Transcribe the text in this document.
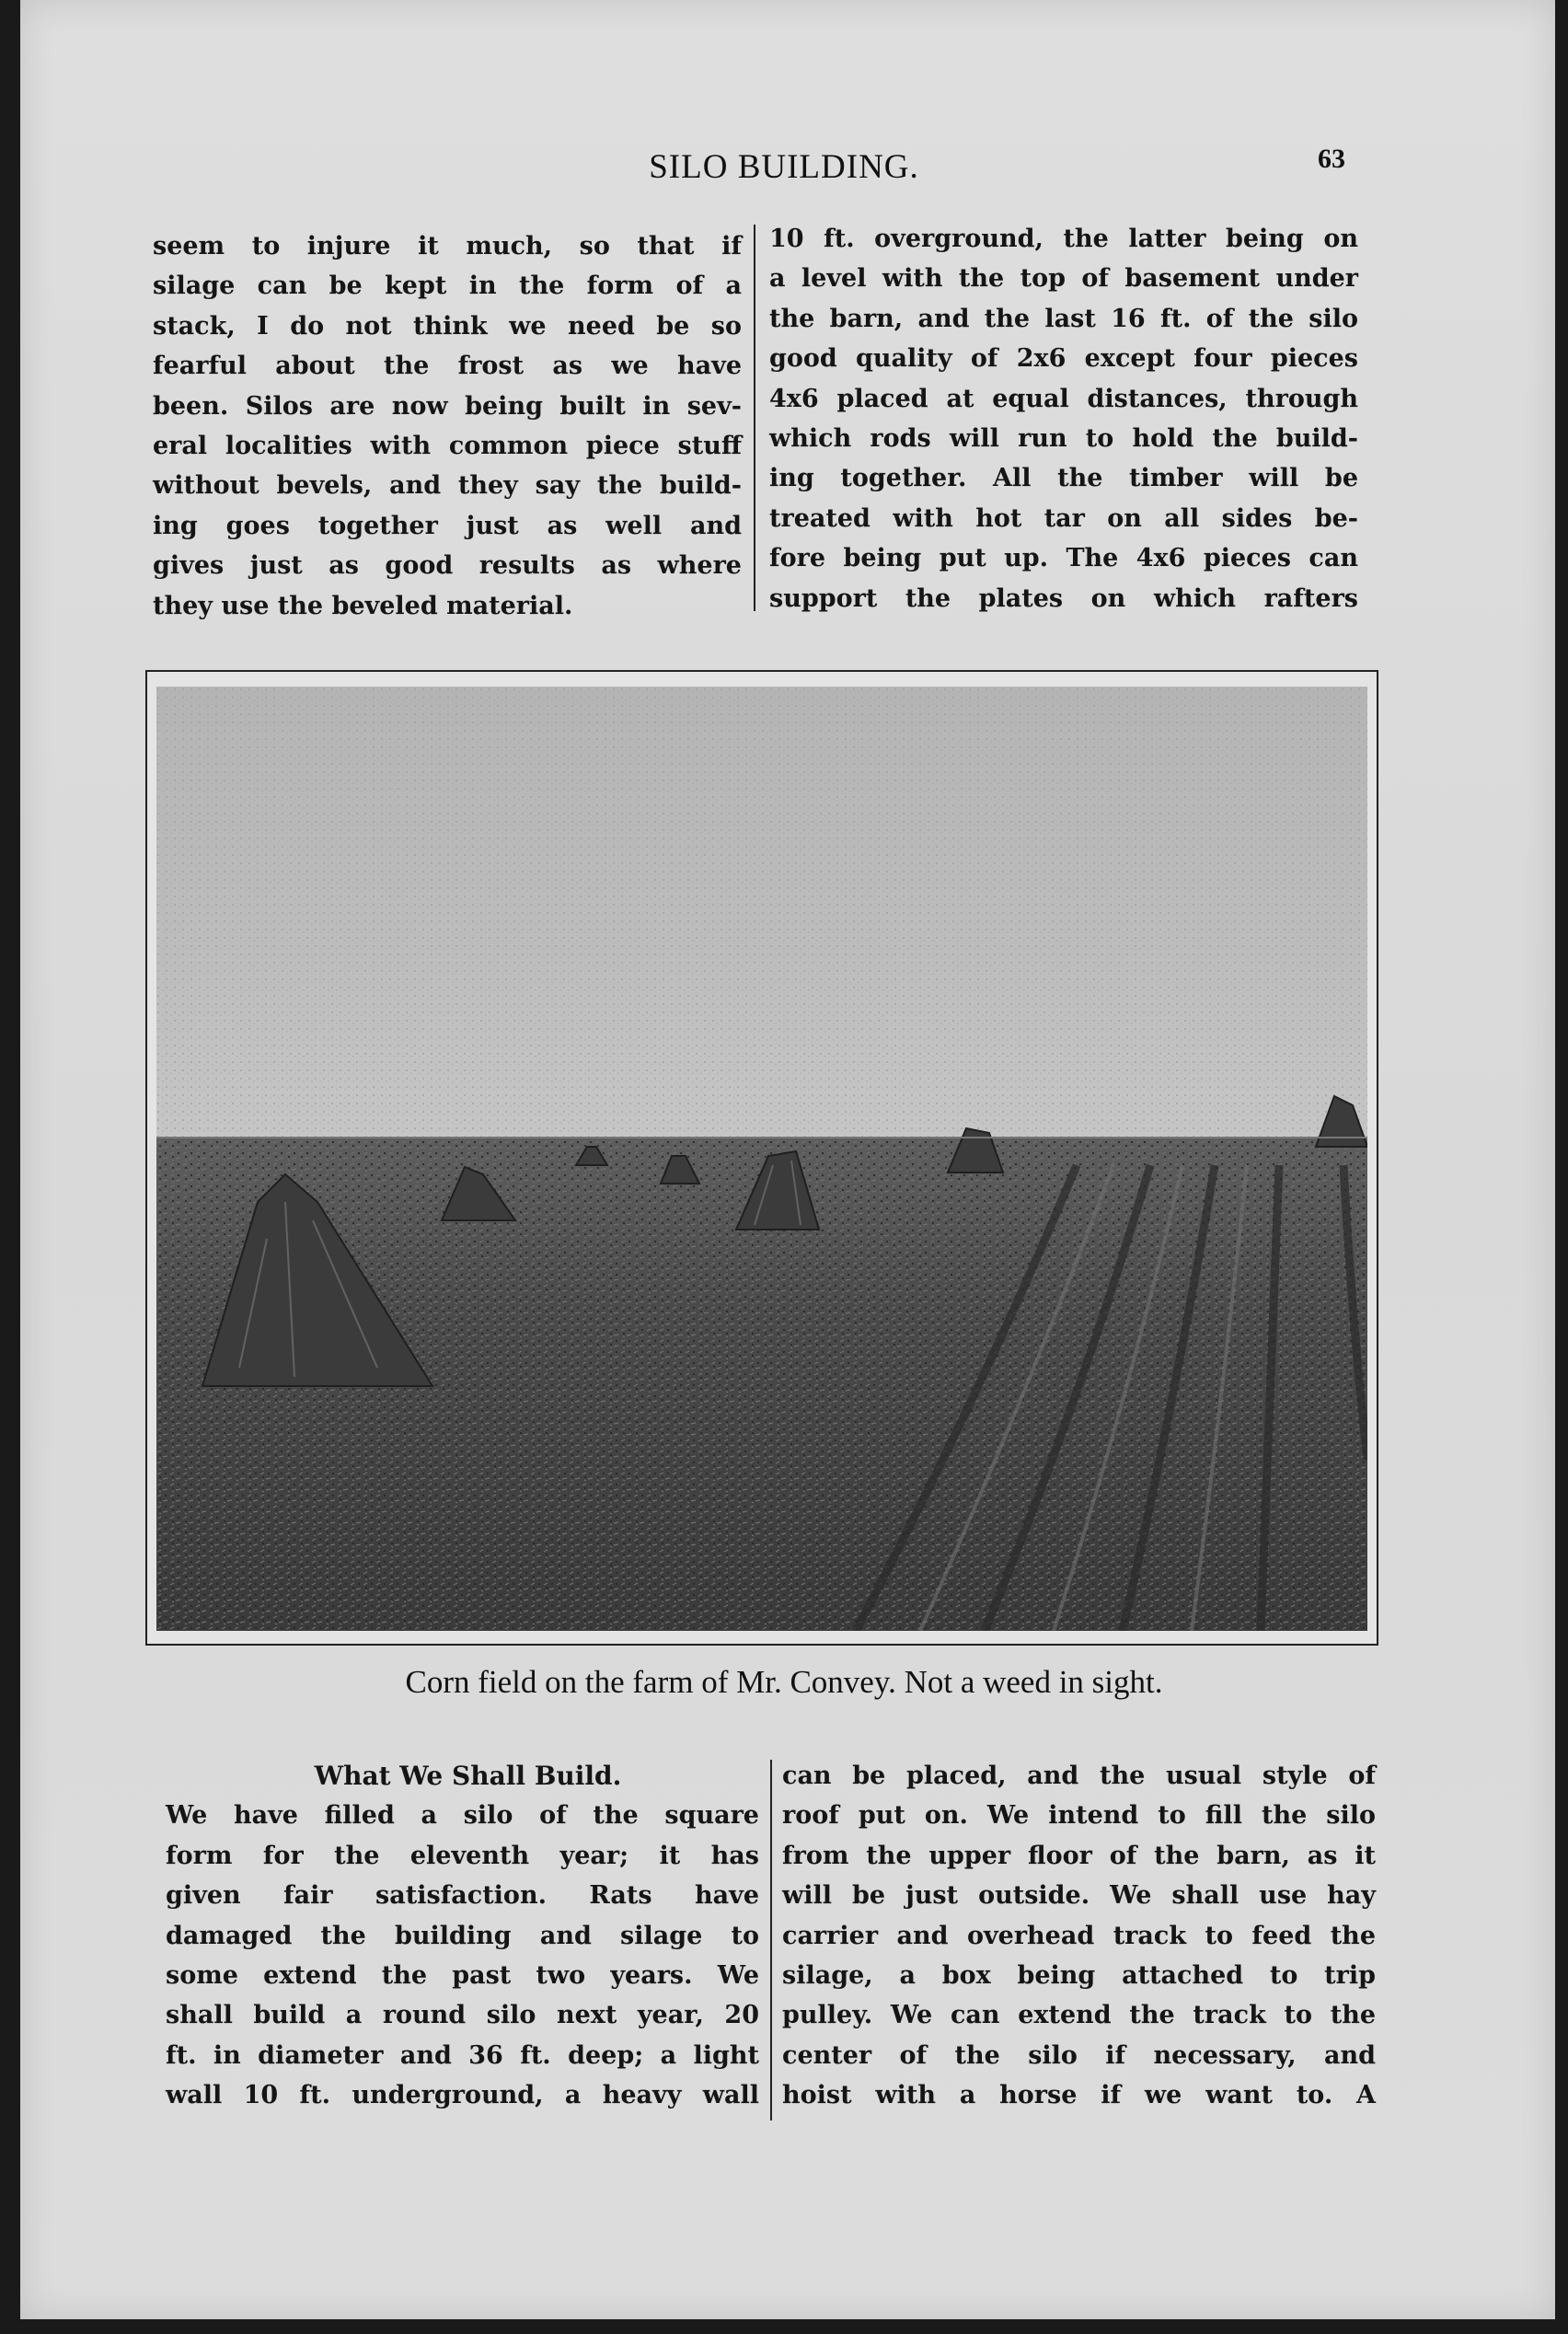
SILO BUILDING.	63

seem to injure it much, so that if

silage can be kept in the form of a

stack, I do not think we need be so

fearful about the frost as we have

been. Silos are now being built in sev-

eral localities with common piece stuff

without bevels, and they say the build-

ing goes together just as well and

gives just as good results as where

they use the beveled material.

10 ft. overground, the latter being on

a level with the top of basement under

the barn, and the last 16 ft. of the silo

good quality of 2x6 except four pieces

4x6 placed at equal distances, through

which rods will run to hold the build-

ing together. All the timber will be

treated with hot tar on all sides be-

fore being put up. The 4x6 pieces can

support the plates on which rafters

Corn field on the farm of Mr. Convey. Not a weed in sight.

What We Shall Build.

We have filled a silo of the square

form for the eleventh year; it has

given fair satisfaction. Rats have

damaged the building and silage to

some extend the past two years. We

shall build a round silo next year, 20

ft. in diameter and 36 ft. deep; a light

wall 10 ft. underground, a heavy wall

can be placed, and the usual style of

roof put on. We intend to fill the silo

from the upper floor of the barn, as it

will be just outside. We shall use hay

carrier and overhead track to feed the

silage, a box being attached to trip

pulley. We can extend the track to the

center of the silo if necessary, and

hoist with a horse if we want to. A
